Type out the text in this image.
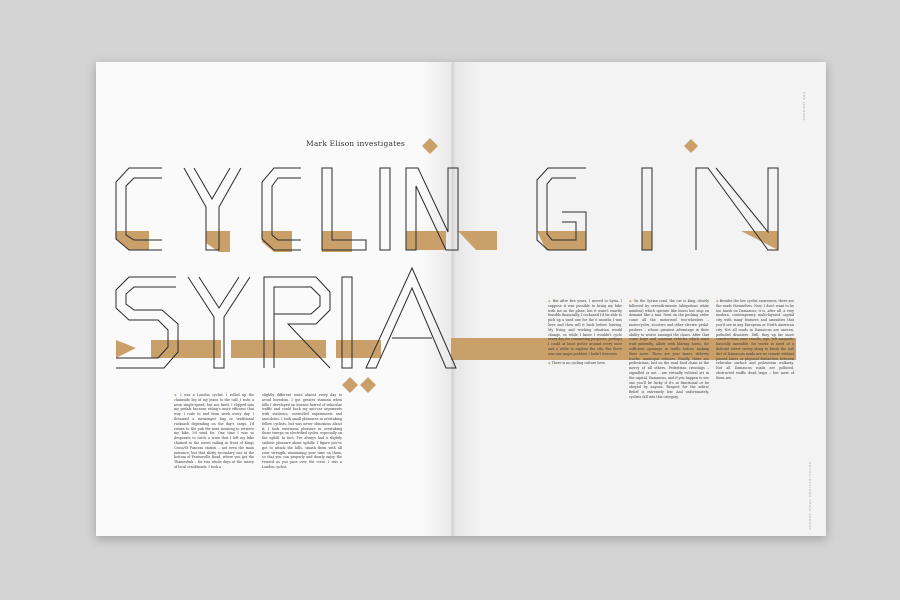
Mark Elison investigates
◆ I was a London cyclist. I rolled up the chainside leg of my jeans to the calf, I rode a neon single-speed, but not fixed. I clipped into my pedals because riding's more efficient that way. I rode to and from work every day. I dreamed a messenger bag or traditional rucksack depending on the day's cargo. I'd return to the pub the next morning to retrieve my bike. I'd wind for. One time I was so desperate to catch a train that I left my bike chained to the street railing in front of Kings Cross/St Pancras station – not even the main entrance, but that shitty secondary one at the bottom of Pentonville Road, where you get the Thameslink – for two whole days at the mercy of local crackheads. I took a
slightly different route almost every day to avoid boredom. I got greater stamina when hills I developed an intense hatred of vehicular traffic and could back my anti-car arguments with statistics, controlled experiments and anecdotes. I took small pleasures in overtaking fellow cyclists, but was never obnoxious about it. I took enormous pleasure in overtaking those twerps on electrified cycles, especially on the uphill. In fact, I've always had a slightly sadistic pleasure about uphills. I figure you've got to attack the hills, smash them with all your strength, minimising your time on them, so that you can properly and dearly enjoy the reward as you pass over the crest. I was a London cyclist.
◆ But after five years, I moved to Syria. I suppose it was possible to bring my bike with me on the plane, but it wasn't exactly feasible financially. I reckoned I'd be able to pick up a used one for the 6 months I was here and then sell it back before leaving. My living and working situation would change, so while I knew I wouldn't cycle every day for commuting purposes, perhaps I could at least potter around every once and a while to explore the city. But there was one major problem I hadn't foreseen.

◆ There is no cycling culture here.
◆ On the Syrian road, the car is king, closely followed by seventh-minute (ubiquitous white minibus) which operate like buses but stop on demand like a taxi. Next on the pecking order come all the motorised two-wheelers – motorcycles, scooters and other electric pedal-pushers – whose greatest advantage in their ability to weave amongst the chaos. After that come large and constant vehicles which must wait patiently, albeit with blaring horns, for sufficient openings in traffic before making their move. These are your buses, delivery trucks, municipal vehicles. Finally, there are pedestrians, last on the road food chain at the mercy of all others. Pedestrian crossings – signalled or not – are virtually cultural art in the capital, Damascus, and if you happen to see one you'll be lucky if it's at functional or be obeyed by anyone. Respect for the zebra! Belief is extremely low. And unfortunately, cyclists fall into this category.
◆ Besides the low cyclist awareness, there are the roads themselves. Now, I don't want to be too harsh on Damascus: it is, after all, a very modern, contemporary multi-layered capital city with many features and amenities that you'd see in any European or North American city. Not all roads in Damascus are uneven, potholed disasters. Still, they up far more constructions zone results, age, left magnetic basically unusable, for works in need of a delicate street sweep along to brush the soft dirt of Damascus roads are no remote without passed lanes or physical distinction between vehicular surface and pedestrian walkway. Not all Damascus roads are polluted, obstructed traffic dead traps – but most of them are.
THE JOURNAL
RECOLLECTIONS FROM ABROAD
